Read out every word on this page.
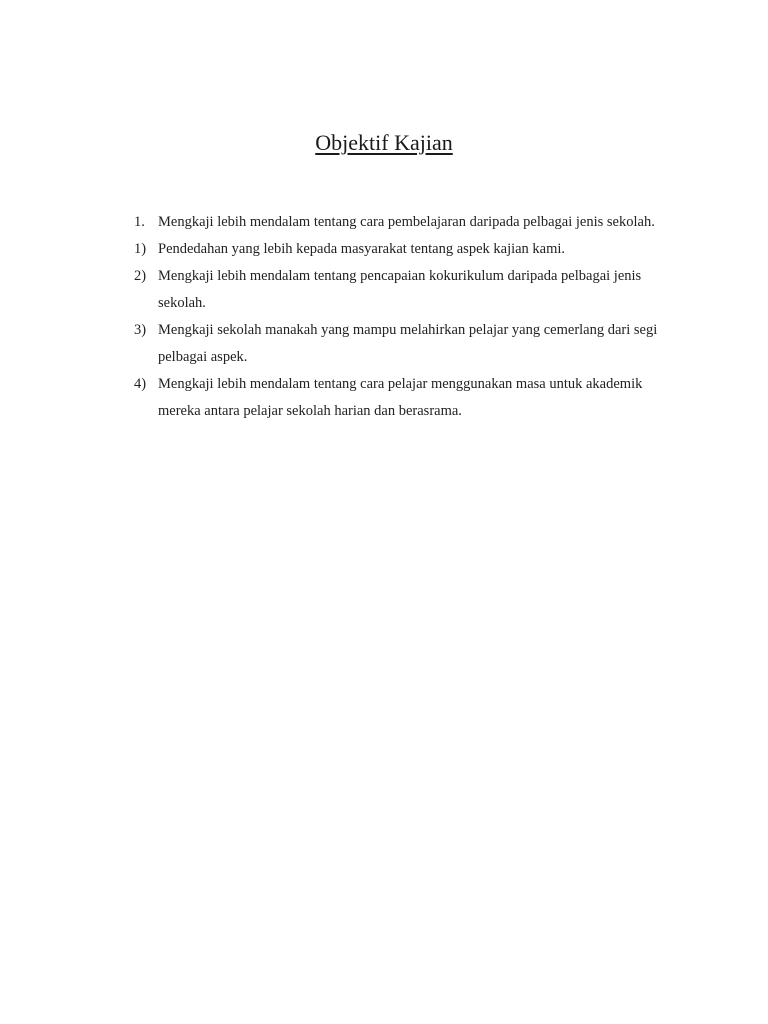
Objektif Kajian
1. Mengkaji lebih mendalam tentang cara pembelajaran daripada pelbagai jenis sekolah.
1) Pendedahan yang lebih kepada masyarakat tentang aspek kajian kami.
2) Mengkaji lebih mendalam tentang pencapaian kokurikulum daripada pelbagai jenis sekolah.
3) Mengkaji sekolah manakah yang mampu melahirkan pelajar yang cemerlang dari segi pelbagai aspek.
4) Mengkaji lebih mendalam tentang cara pelajar menggunakan masa untuk akademik mereka antara pelajar sekolah harian dan berasrama.
